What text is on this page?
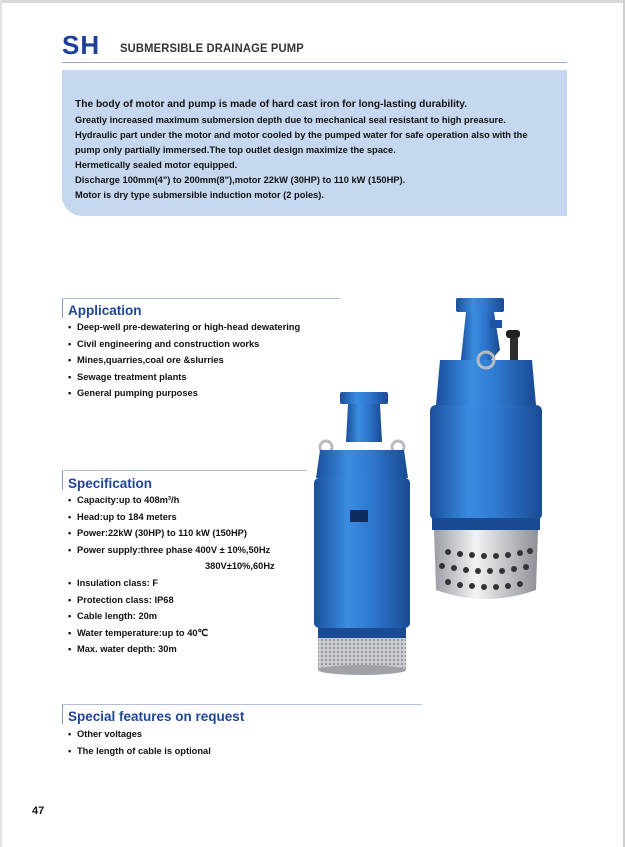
SH SUBMERSIBLE DRAINAGE PUMP
The body of motor and pump is made of hard cast iron for long-lasting durability.
Greatly increased maximum submersion depth due to mechanical seal resistant to high preasure.
Hydraulic part under the motor and motor cooled by the pumped water for safe operation also with the
pump only partially immersed.The top outlet design maximize the space.
Hermetically sealed motor equipped.
Discharge 100mm(4") to 200mm(8"),motor 22kW (30HP) to 110 kW (150HP).
Motor is dry type submersible induction motor (2 poles).
Application
• Deep-well pre-dewatering or high-head dewatering
• Civil engineering and construction works
• Mines,quarries,coal ore &slurries
• Sewage treatment plants
• General pumping purposes
Specification
• Capacity:up to 408m³/h
• Head:up to 184 meters
• Power:22kW (30HP) to 110 kW (150HP)
• Power supply:three phase 400V ± 10%,50Hz
380V±10%,60Hz
• Insulation class: F
• Protection class: IP68
• Cable length: 20m
• Water temperature:up to 40℃
• Max. water depth: 30m
Special features on request
• Other voltages
• The length of cable is optional
47
